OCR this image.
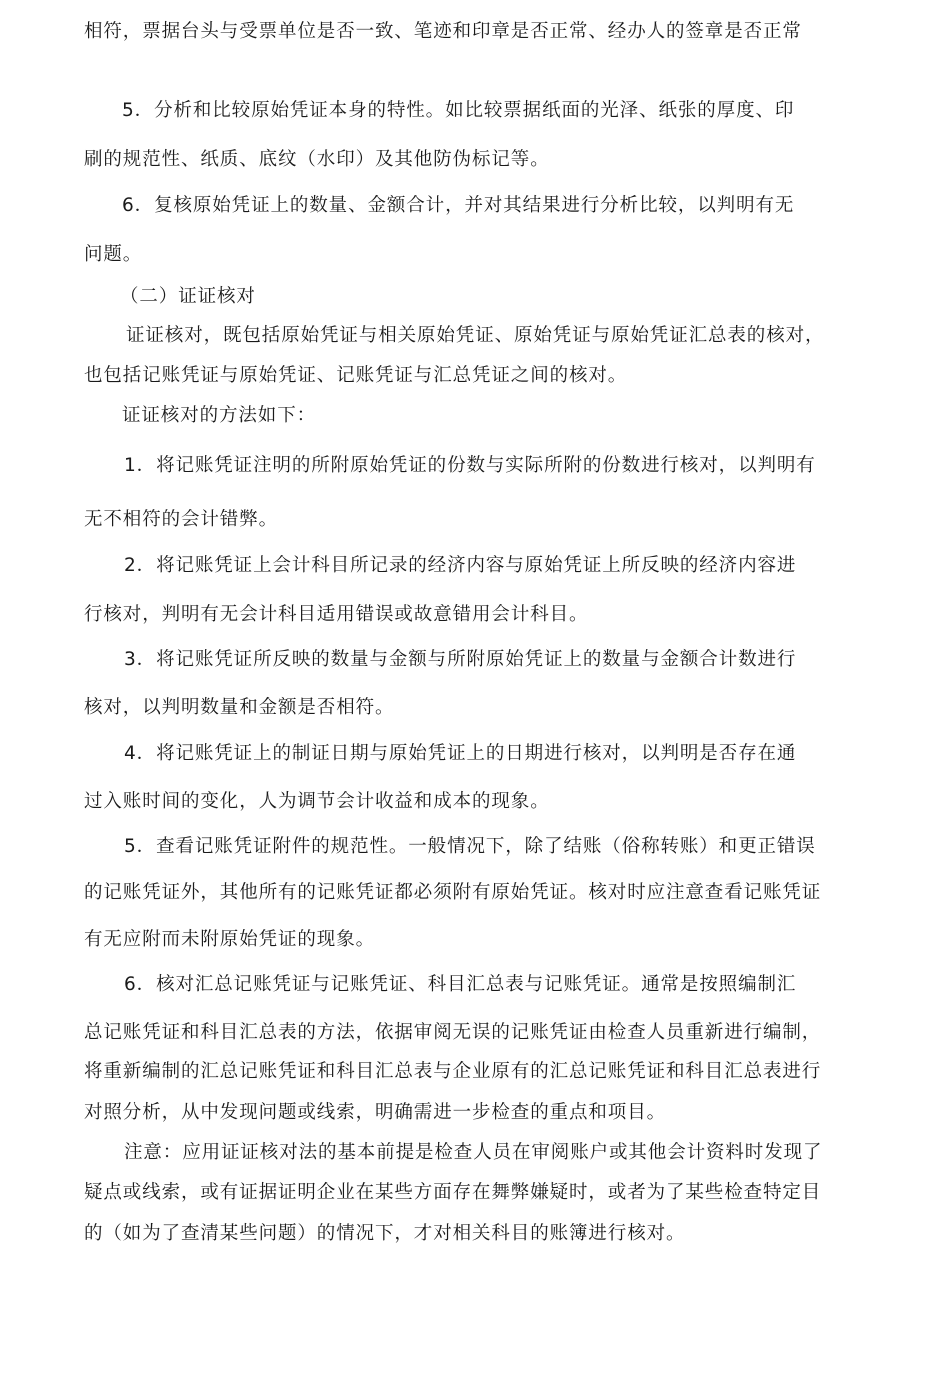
相符，票据台头与受票单位是否一致、笔迹和印章是否正常、经办人的签章是否正常
5．分析和比较原始凭证本身的特性。如比较票据纸面的光泽、纸张的厚度、印
刷的规范性、纸质、底纹（水印）及其他防伪标记等。
6．复核原始凭证上的数量、金额合计，并对其结果进行分析比较，以判明有无
问题。
（二）证证核对
证证核对，既包括原始凭证与相关原始凭证、原始凭证与原始凭证汇总表的核对，
也包括记账凭证与原始凭证、记账凭证与汇总凭证之间的核对。
证证核对的方法如下：
1．将记账凭证注明的所附原始凭证的份数与实际所附的份数进行核对，以判明有
无不相符的会计错弊。
2．将记账凭证上会计科目所记录的经济内容与原始凭证上所反映的经济内容进
行核对，判明有无会计科目适用错误或故意错用会计科目。
3．将记账凭证所反映的数量与金额与所附原始凭证上的数量与金额合计数进行
核对，以判明数量和金额是否相符。
4．将记账凭证上的制证日期与原始凭证上的日期进行核对，以判明是否存在通
过入账时间的变化，人为调节会计收益和成本的现象。
5．查看记账凭证附件的规范性。一般情况下，除了结账（俗称转账）和更正错误
的记账凭证外，其他所有的记账凭证都必须附有原始凭证。核对时应注意查看记账凭证
有无应附而未附原始凭证的现象。
6．核对汇总记账凭证与记账凭证、科目汇总表与记账凭证。通常是按照编制汇
总记账凭证和科目汇总表的方法，依据审阅无误的记账凭证由检查人员重新进行编制，
将重新编制的汇总记账凭证和科目汇总表与企业原有的汇总记账凭证和科目汇总表进行
对照分析，从中发现问题或线索，明确需进一步检查的重点和项目。
注意：应用证证核对法的基本前提是检查人员在审阅账户或其他会计资料时发现了
疑点或线索，或有证据证明企业在某些方面存在舞弊嫌疑时，或者为了某些检查特定目
的（如为了查清某些问题）的情况下，才对相关科目的账簿进行核对。
